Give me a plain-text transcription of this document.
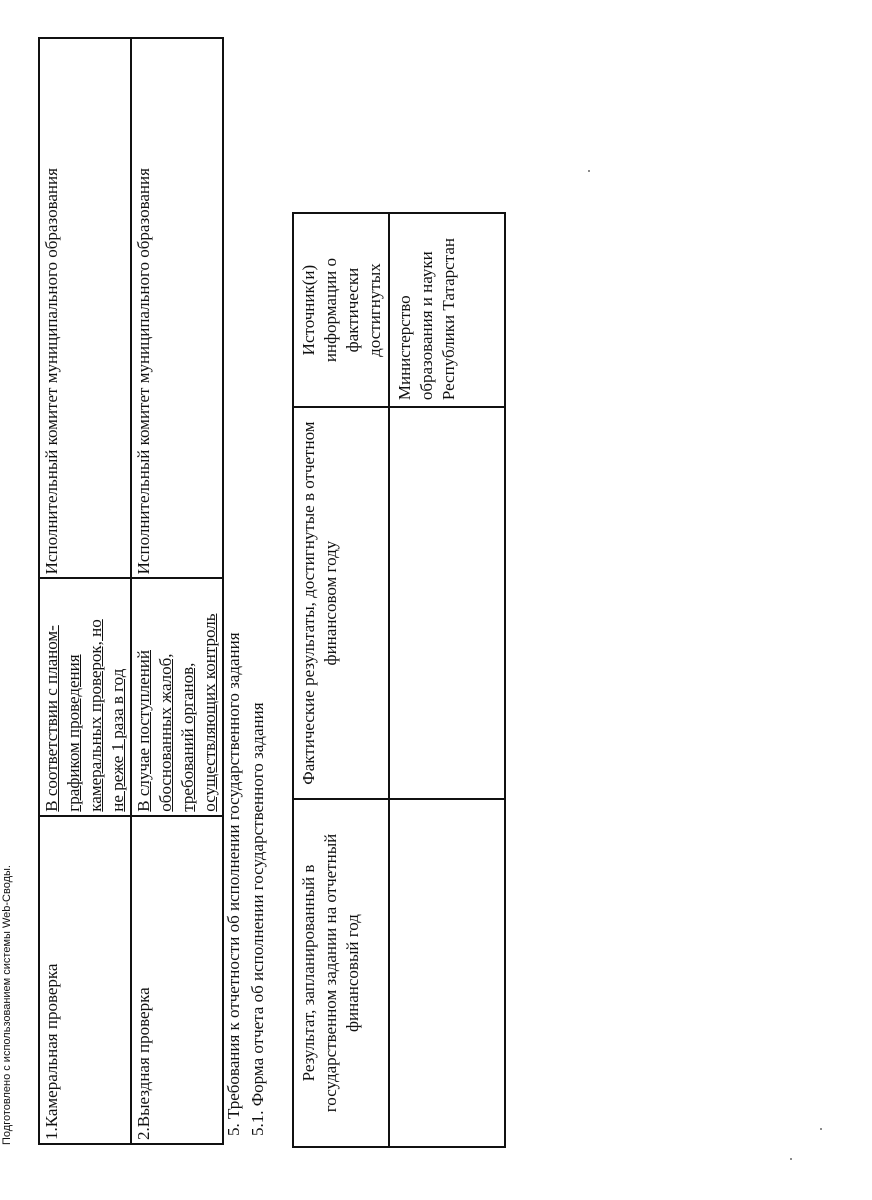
Подготовлено с использованием системы Web-Своды. 1.Камеральная проверка	В соответствии с планом- графиком проведения камеральных проверок, но не реже 1 раза в год	Исполнительный комитет муниципального образования
2.Выездная проверка	В случае поступлений обоснованных жалоб, требований органов, осуществляющих контроль	Исполнительный комитет муниципального образования
5. Требования к отчетности об исполнении государственного задания 5.1. Форма отчета об исполнении государственного задания Результат, запланированный в государственном задании на отчетный финансовый год	Фактические результаты, достигнутые в отчетном финансовом году	Источник(и) информации о фактически достигнутых

		Министерство образования и науки Республики Татарстан
